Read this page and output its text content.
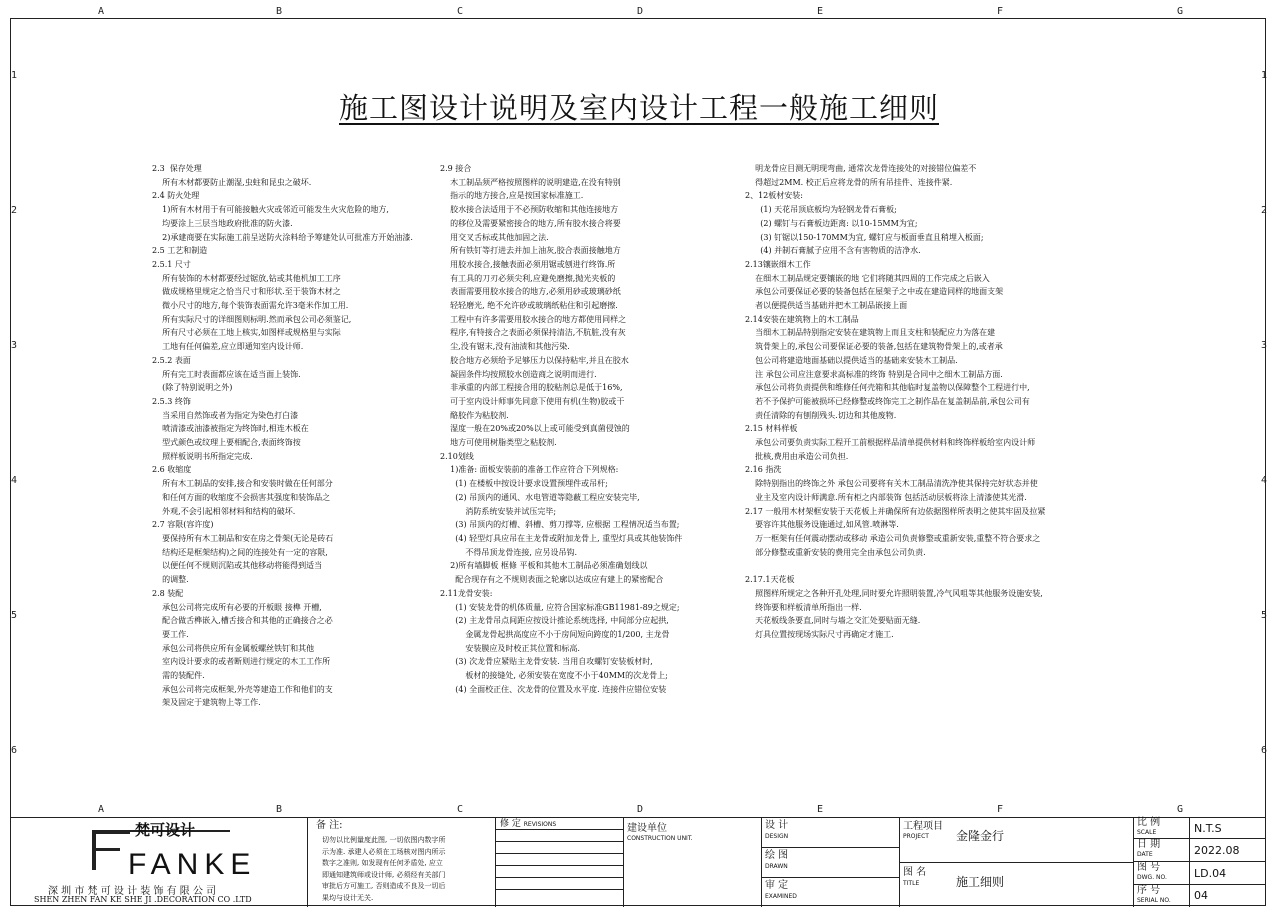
A	B	C	D	E	F	G
A	B	C	D	E	F	G
1
2
3
4
5
6
1
2
3
4
5
6
施工图设计说明及室内设计工程一般施工细则
2.3  保存处理
所有木材都要防止潮湿,虫蛀和昆虫之破坏.
2.4 防火处理
1)所有木材用于有可能接触火灾或邻近可能发生火灾危险的地方,
均要涂上三层当地政府批准的防火漆.
2)承建商要在实际施工前呈送防火涂料给予筹建处认可批准方开始油漆.
2.5 工艺和制造
2.5.1 尺寸
所有装饰的木材都要经过锯放,钻或其他机加工工序
做成规格里规定之恰当尺寸和形状.至于装饰木材之
微小尺寸的地方,每个装饰表面需允许3毫米作加工用.
所有实际尺寸的详细图则标明.然而承包公司必须鉴记,
所有尺寸必须在工地上核实,如图样或规格里与实际
工地有任何偏差,应立即通知室内设计师.
2.5.2 表面
所有完工时表面都应该在适当面上装饰.
(除了特别说明之外)
2.5.3 终饰
当采用自然饰或者为指定为染色打白漆
喷清漆或油漆被指定为终饰时,相连木板在
型式颜色或纹理上要相配合,表面终饰按
照样板说明书所指定完成.
2.6 收缩度
所有木工制品的安排,接合和安装时做在任何部分
和任何方面的收缩度不会损害其强度和装饰品之
外观,不会引起相邻材料和结构的破坏.
2.7 容限(容许度)
要保持所有木工制品和安在房之骨架(无论是砖石
结构还是框架结构)之间的连接处有一定的容限,
以便任何不规则沉陷或其他移动将能得到适当
的调整.
2.8 装配
承包公司将完成所有必要的开板眼 接榫 开槽,
配合做舌榫嵌入,槽舌接合和其他的正确接合之必
要工作.
承包公司将供应所有金属板螺丝铁钉和其他
室内设计要求的或者断则进行规定的木工工作所
需的装配件.
承包公司将完成框架,外壳等建造工作和他们的支
架及固定于建筑物上等工作.
2.9 接合
木工制品须严格按照图样的说明建造,在没有特别
指示的地方接合,应是按国家标准施工.
胶水接合法适用于不必预防收缩和其他连接地方
的移位及需要紧密接合的地方,所有胶水接合将要
用交叉舌标或其他加固之法.
所有铁钉等打进去并加上油灰,胶合表面接触地方
用胶水接合,接触表面必须用锯或刨进行终饰.所
有工具的刀刃必须尖利,应避免磨擦,抛光夹板的
表面需要用胶水接合的地方,必须用砂或玻璃砂纸
轻轻磨光, 绝不允许砂或玻璃纸粘住和引起磨擦.
工程中有许多需要用胶水接合的地方都使用同样之
程序,有特接合之表面必须保持清洁,不肮脏,没有灰
尘,没有锯末,没有油渍和其他污染.
胶合地方必须给予足够压力以保持粘牢,并且在胶水
凝固条件均按照胶水创造商之说明而进行.
非承重的内部工程接合用的胶粘剂总是低于16%,
可于室内设计师事先同意下使用有机(生物)胶或干
酪胶作为粘胶剂.
湿度一般在20%或20%以上或可能受到真菌侵蚀的
地方可使用树脂类型之粘胶剂.
2.10划线
1)准备: 面板安装前的准备工作应符合下列规格:
(1) 在楼板中按设计要求设置预埋件或吊杆;
(2) 吊顶内的通风、水电管道等隐蔽工程应安装完毕,
消防系统安装并试压完毕;
(3) 吊顶内的灯槽、斜槽、剪刀撑等, 应根据 工程情况适当布置;
(4) 轻型灯具应吊在主龙骨或附加龙骨上, 重型灯具或其他装饰件
不得吊顶龙骨连接, 应另设吊钩.
2)所有墙脚板 框條 平板和其他木工制品必须准确划线以
配合现存有之不规则表面之轮廓以达成应有建上的紧密配合
2.11龙骨安装:
(1) 安装龙骨的机体质量, 应符合国家标准GB11981-89之规定;
(2) 主龙骨吊点间距应按设计推论系统选择, 中间部分应起拱,
金属龙骨起拱高度应不小于房间短向跨度的1/200, 主龙骨
安装膜应及时校正其位置和标高.
(3) 次龙骨应紧贴主龙骨安装. 当用自攻螺钉安装板材时,
板材的接缝处, 必须安装在宽度不小于40MM的次龙骨上;
(4) 全面校正住、次龙骨的位置及水平度. 连接件应错位安装
明龙骨应目测无明现弯曲, 通常次龙骨连接处的对接错位偏差不
得超过2MM. 校正后应将龙骨的所有吊挂件、连接件紧.
2、12板材安装:
(1) 天花吊顶底板均为轻钢龙骨石膏板;
(2) 螺钉与石膏板边距离: 以10-15MM为宜;
(3) 钉锯以150-170MM为宜, 螺钉应与板面垂直且稍埋入板面;
(4) 并制石膏腻子应用不含有害物质的洁净水.
2.13镶嵌细木工作
在细木工制品规定要镶嵌的地 它们将随其四周的工作完成之后嵌入
承包公司要保证必要的装备包括在屋架子之中或在建造同样的地面支架
者以便提供适当基础并把木工制品嵌接上面
2.14安装在建筑物上的木工制品
当细木工制品特别指定安装在建筑物上而且支柱和装配应力为落在建
筑骨架上的,承包公司要保证必要的装备,包括在建筑物骨架上的,或者承
包公司将建造地面基础以提供适当的基础来安装木工制品.
注 承包公司应注意要求高标准的终饰 特别是合同中之细木工制品方面.
承包公司将负责提供和维修任何壳箱和其他临时复盖物以保障整个工程进行中,
若不予保护可能被损坏已经修整或终饰完工之制作品在复盖制品前,承包公司有
责任清除的有刨削残头.切边和其他废物.
2.15 材料样板
承包公司要负责实际工程开工前根据样品清单提供材料和终饰样板给室内设计师
批核,费用由承造公司负担.
2.16 指洗
除特别指出的终饰之外 承包公司要将有关木工制品清洗净使其保持完好状态并使
业主及室内设计师满意.所有柜之内部装饰 包括活动层板将涂上清漆使其光滑.
2.17 一般用木材架框安装于天花板上并确保所有边依据图样所表明之使其牢固及拉紧
要容许其他服务设施通过,如风管.喷淋等.
万一框架有任何震动摆动或移动 承造公司负责修整或重新安装,重整不符合要求之
部分修整或重新安装的费用完全由承包公司负责.

2.17.1天花板
照图样所规定之各种开孔处理,同时要允许照明装置,冷气风咀等其他服务设施安装,
终饰要和样板清单所指出一样.
天花板线条要直,同时与墙之交汇处要贴面无缝.
灯具位置按现场实际尺寸再确定才施工.
梵可设计
FANKE
深 圳 市 梵 可 设 计 装 饰 有 限 公 司
SHEN ZHEN FAN KE SHE JI .DECORATION CO .LTD
备 注:
切勿以比例量度此图, 一切依图内数字所
示为准. 承建人必须在工场核对图内所示
数字之准则, 如发现有任何矛盾处, 应立
即通知建筑师或设计师, 必须经有关部门
审批后方可施工, 否则造成不良及一切后
果均与设计无关.
修 定 REVISIONS	建设单位
CONSTRUCTION UNIT.
设 计
DESIGN
绘 图
DRAWN
审 定
EXAMINED
工程项目
PROJECT 金隆金行
图 名
TITLE	施工细则
比 例
SCALE	N.T.S
日 期
DATE	2022.08
图 号
DWG. NO. LD.04
序 号
SERIAL NO. 04
